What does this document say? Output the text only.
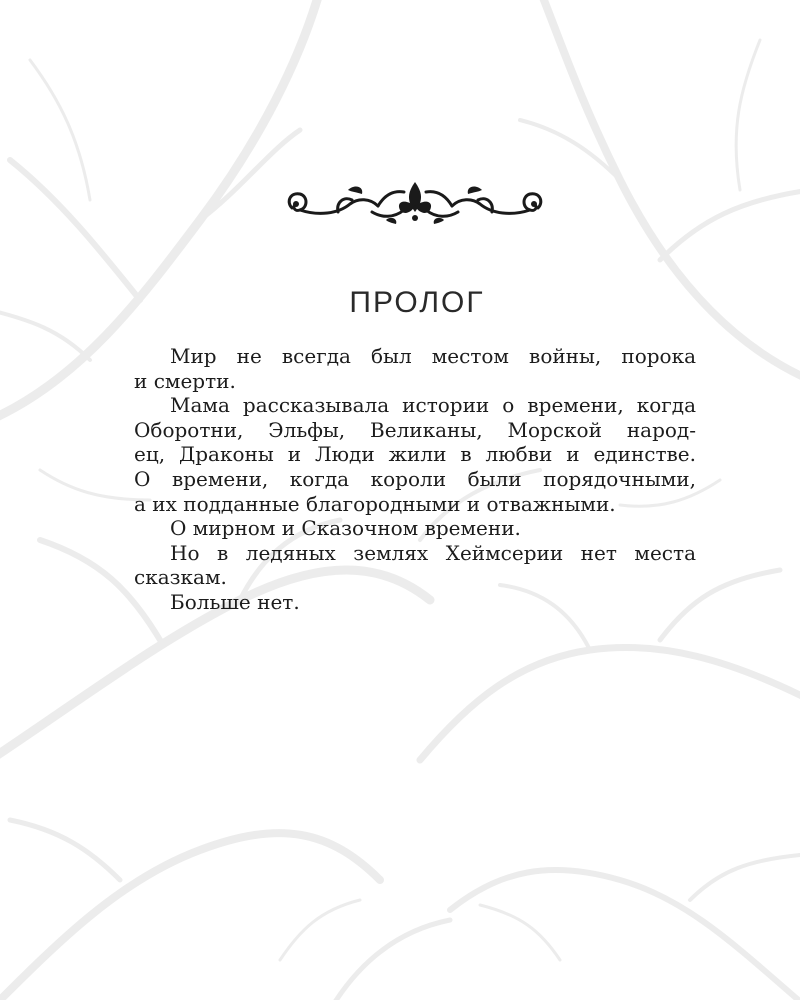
ПРОЛОГ
Мир не всегда был местом войны, порока
и смерти.
Мама рассказывала истории о времени, когда
Оборотни, Эльфы, Великаны, Морской народ-
ец, Драконы и Люди жили в любви и единстве.
О времени, когда короли были порядочными,
а их подданные благородными и отважными.
О мирном и Сказочном времени.
Но в ледяных землях Хеймсерии нет места
сказкам.
Больше нет.
